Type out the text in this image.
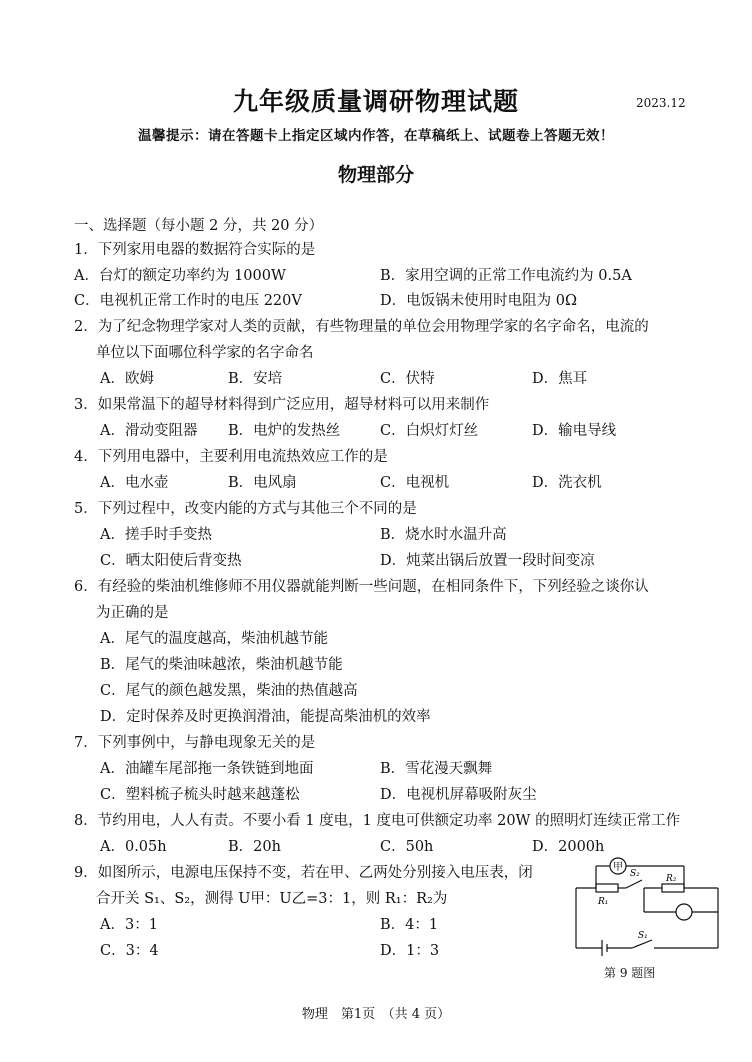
九年级质量调研物理试题	2023.12
温馨提示：请在答题卡上指定区域内作答，在草稿纸上、试题卷上答题无效！
物理部分
一、选择题（每小题 2 分，共 20 分）
1．下列家用电器的数据符合实际的是
A．台灯的额定功率约为 1000W	B．家用空调的正常工作电流约为 0.5A
C．电视机正常工作时的电压 220V	D．电饭锅未使用时电阻为 0Ω
2．为了纪念物理学家对人类的贡献，有些物理量的单位会用物理学家的名字命名，电流的
单位以下面哪位科学家的名字命名
A．欧姆	B．安培	C．伏特	D．焦耳
3．如果常温下的超导材料得到广泛应用，超导材料可以用来制作
A．滑动变阻器 B．电炉的发热丝	C．白炽灯灯丝	D．输电导线
4．下列用电器中，主要利用电流热效应工作的是
A．电水壶	B．电风扇	C．电视机	D．洗衣机
5．下列过程中，改变内能的方式与其他三个不同的是
A．搓手时手变热	B．烧水时水温升高
C．晒太阳使后背变热	D．炖菜出锅后放置一段时间变凉
6．有经验的柴油机维修师不用仪器就能判断一些问题，在相同条件下，下列经验之谈你认
为正确的是
A．尾气的温度越高，柴油机越节能
B．尾气的柴油味越浓，柴油机越节能
C．尾气的颜色越发黑，柴油的热值越高
D．定时保养及时更换润滑油，能提高柴油机的效率
7．下列事例中，与静电现象无关的是
A．油罐车尾部拖一条铁链到地面	B．雪花漫天飘舞
C．塑料梳子梳头时越来越蓬松	D．电视机屏幕吸附灰尘
8．节约用电，人人有责。不要小看 1 度电，1 度电可供额定功率 20W 的照明灯连续正常工作
A．0.05h	B．20h	C．50h	D．2000h
9．如图所示，电源电压保持不变，若在甲、乙两处分别接入电压表，闭
合开关 S₁、S₂，测得 U甲：U乙=3：1，则 R₁：R₂为
A．3：1	B．4：1
C．3：4	D．1：3
甲
S₂	R₂
R₁
S₁
第 9 题图
物理　第1页　（共 4 页）
